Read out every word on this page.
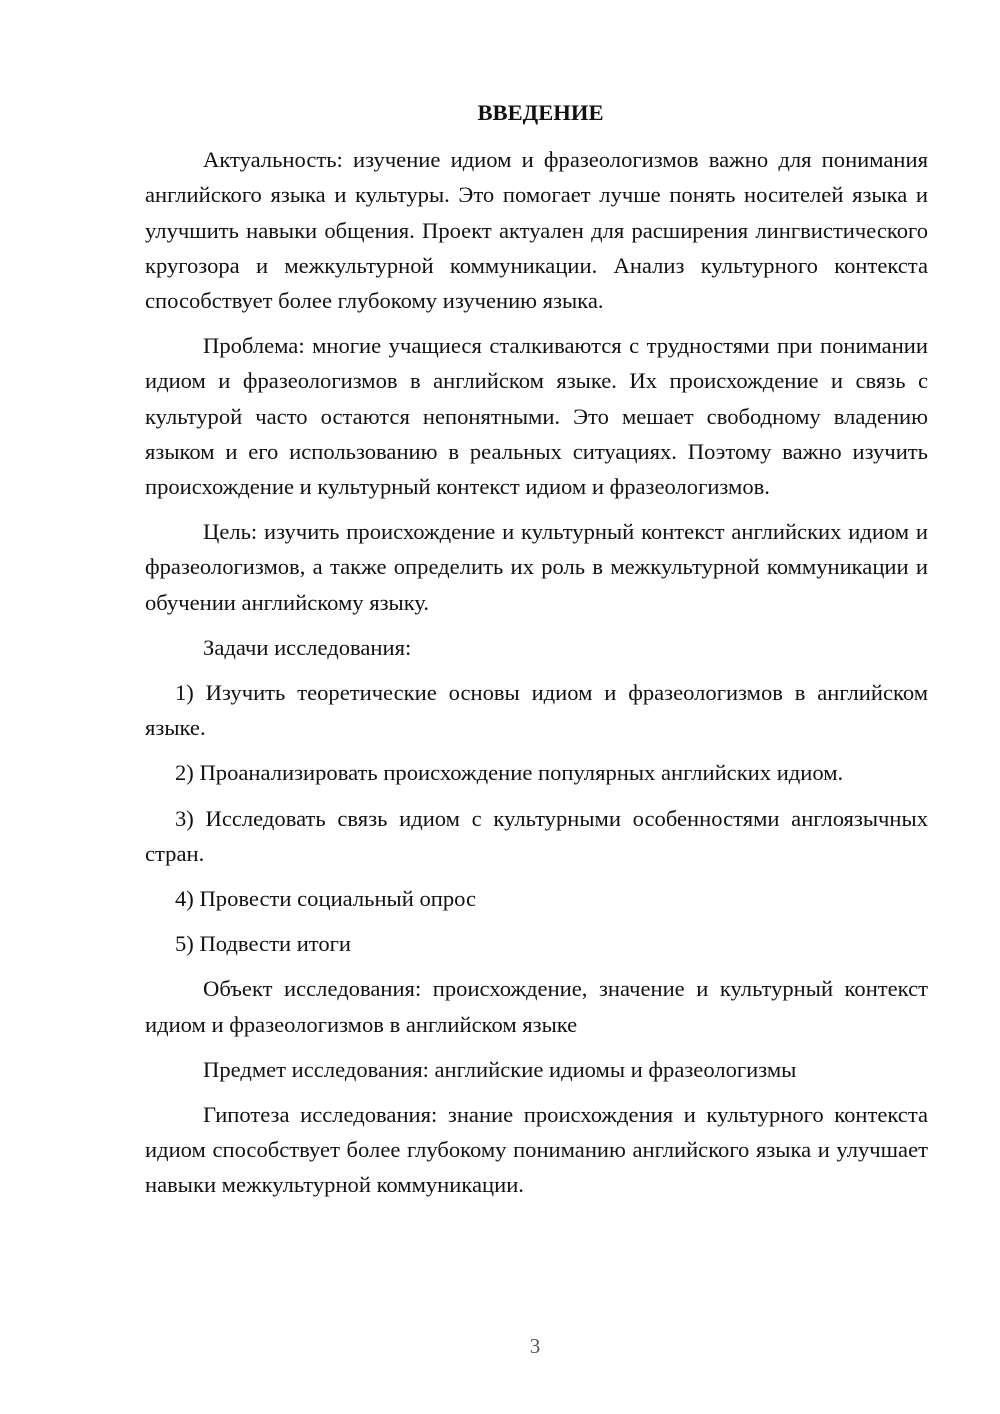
ВВЕДЕНИЕ

Актуальность: изучение идиом и фразеологизмов важно для понимания английского языка и культуры. Это помогает лучше понять носителей языка и улучшить навыки общения. Проект актуален для расширения лингвистического кругозора и межкультурной коммуникации. Анализ культурного контекста способствует более глубокому изучению языка.

Проблема: многие учащиеся сталкиваются с трудностями при понимании идиом и фразеологизмов в английском языке. Их происхождение и связь с культурой часто остаются непонятными. Это мешает свободному владению языком и его использованию в реальных ситуациях. Поэтому важно изучить происхождение и культурный контекст идиом и фразеологизмов.

Цель: изучить происхождение и культурный контекст английских идиом и фразеологизмов, а также определить их роль в межкультурной коммуникации и обучении английскому языку.

Задачи исследования:

1) Изучить теоретические основы идиом и фразеологизмов в английском языке.

2) Проанализировать происхождение популярных английских идиом.

3) Исследовать связь идиом с культурными особенностями англоязычных стран.

4) Провести социальный опрос

5) Подвести итоги

Объект исследования: происхождение, значение и культурный контекст идиом и фразеологизмов в английском языке

Предмет исследования: английские идиомы и фразеологизмы

Гипотеза исследования: знание происхождения и культурного контекста идиом способствует более глубокому пониманию английского языка и улучшает навыки межкультурной коммуникации.

3
